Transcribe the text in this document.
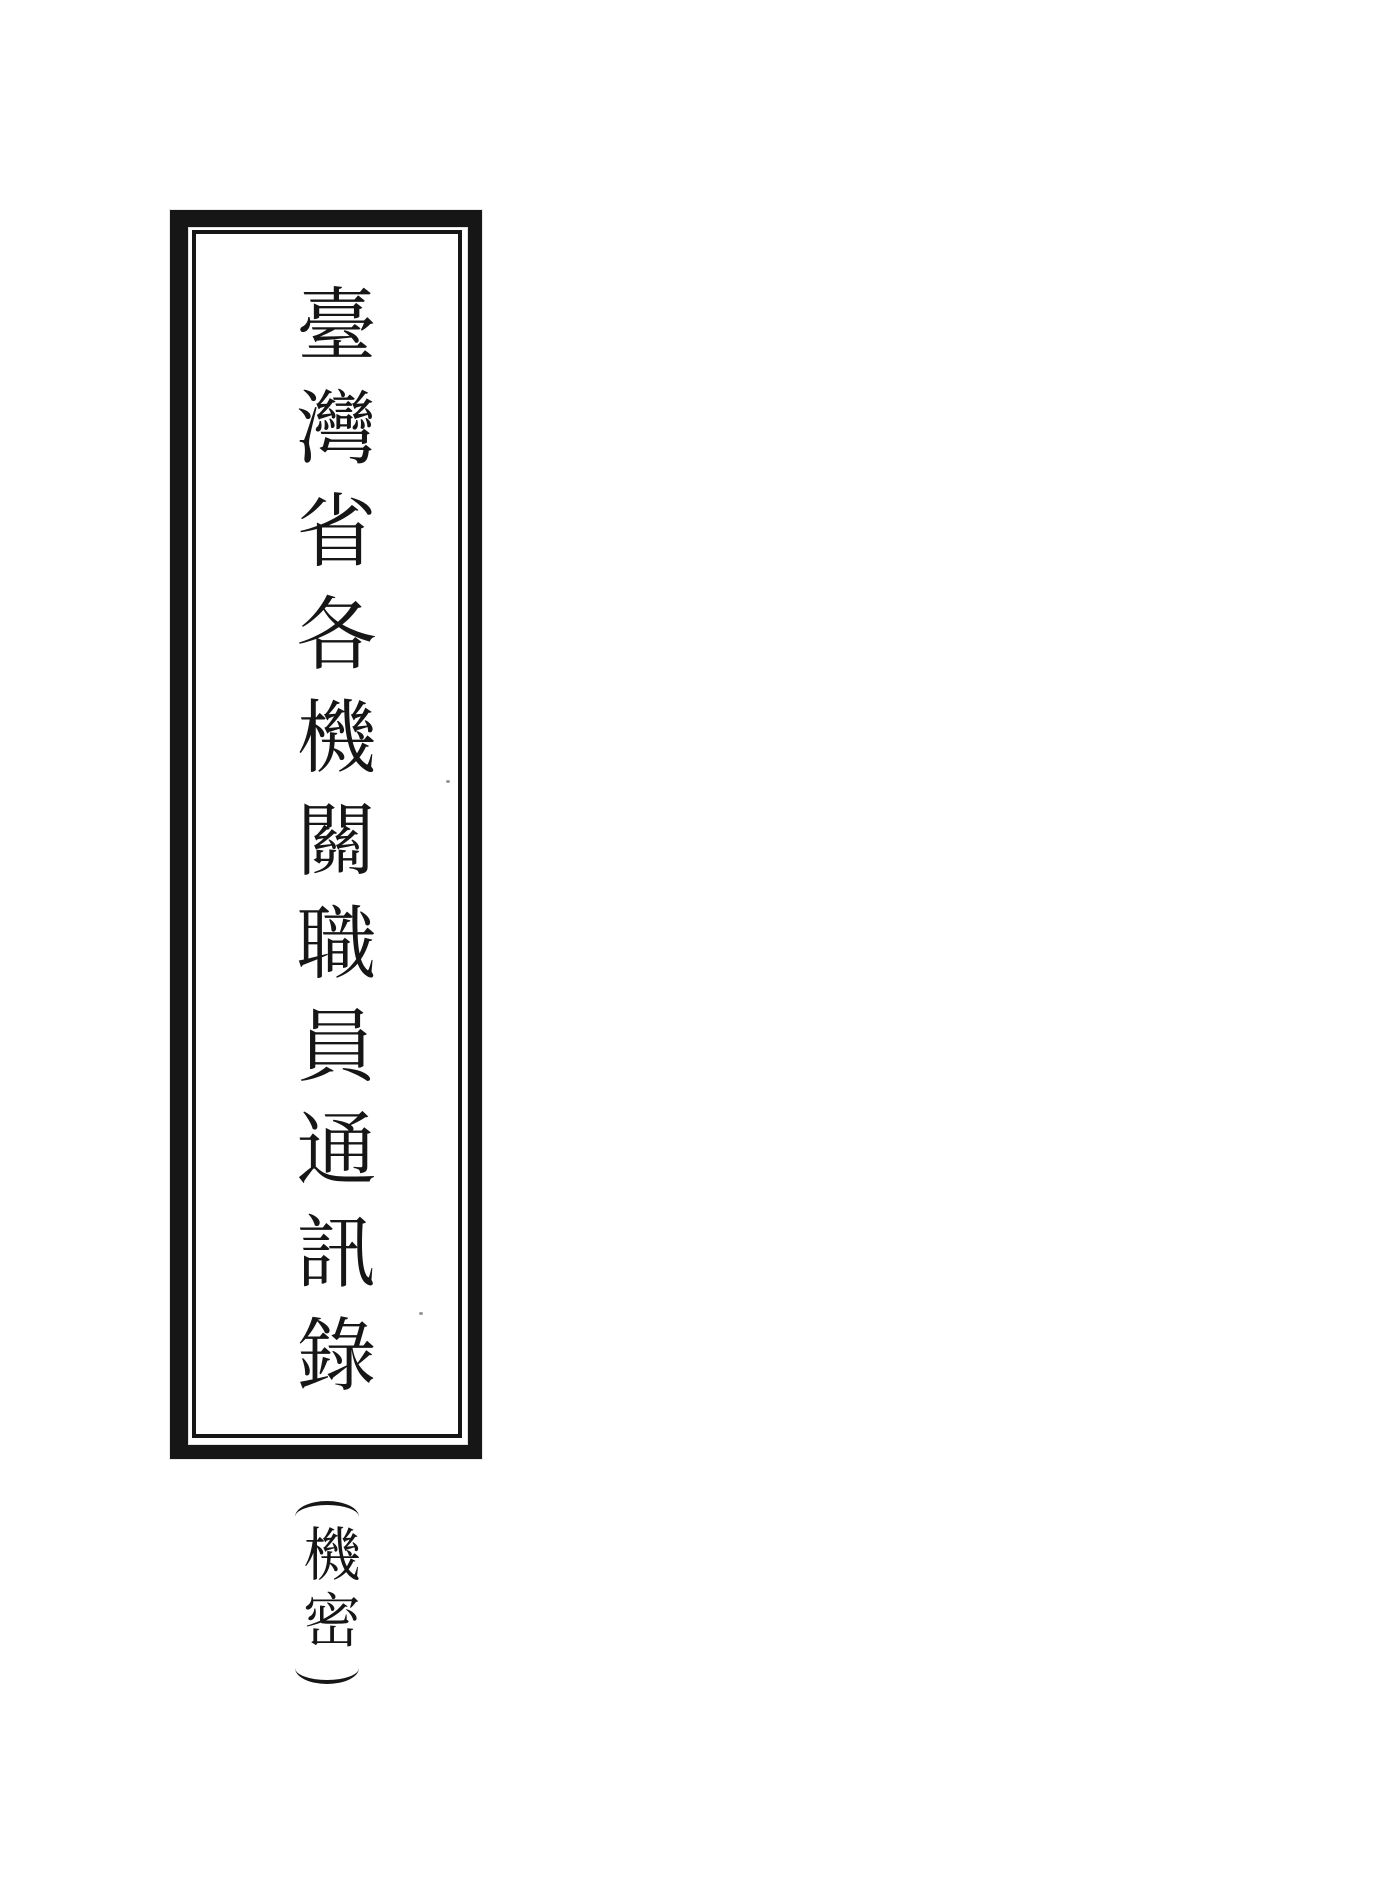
臺灣省各機關職員通訊錄
機密
